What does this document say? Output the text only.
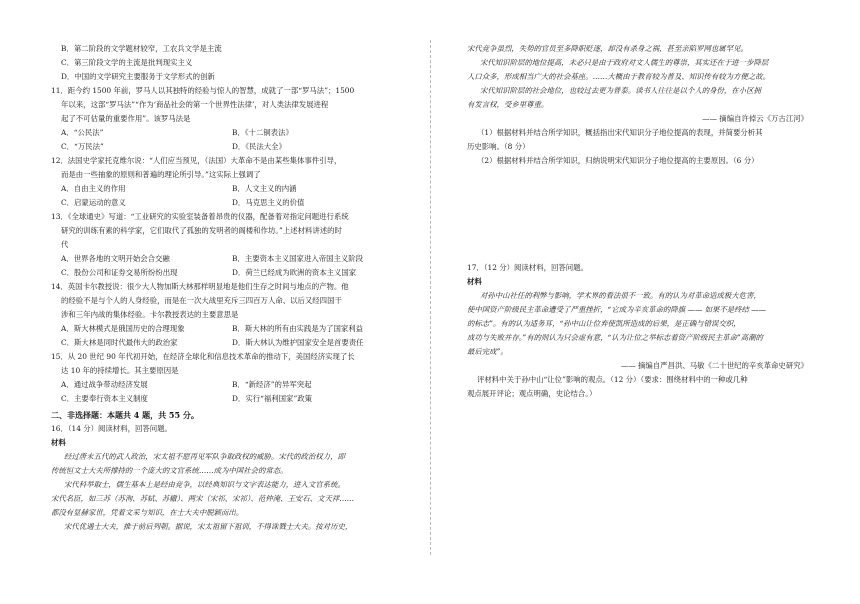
B．第二阶段的文学题材较窄，工农兵文学是主流
C．第三阶段文学的主流是批判现实主义
D．中国的文学研究主要服务于文学形式的创新
11．距今约 1500 年前，罗马人以其独特的经验与惊人的智慧，成就了一部“罗马法”；1500
年以来，这部“罗马法”“作为‘商品社会的第一个世界性法律’，对人类法律发展进程
起了不可估量的重要作用”。该罗马法是
A．“公民法”	B．《十二铜表法》
C．“万民法”	D．《民法大全》
12．法国史学家托克维尔说：“人们应当预见，（法国）大革命不是由某些集体事件引导，
而是由一些抽象的原则和普遍的理论所引导。”这实际上强调了
A．自由主义的作用	B．人文主义的内涵
C．启蒙运动的意义	D．马克思主义的价值
13．《全球通史》写道：“工业研究的实验室装备着昂贵的仪器，配备着对指定问题进行系统
研究的训练有素的科学家，它们取代了孤独的发明者的阁楼和作坊。”上述材料讲述的时
代
A．世界各地的文明开始会合交融	B．主要资本主义国家进入帝国主义阶段
C．股份公司和证券交易所纷纷出现	D．荷兰已经成为欧洲的资本主义国家
14．英国卡尔教授说：很少大人物加斯大林那样明显地是他们生存之时间与地点的产物。他
的经验不是与个人的人身经验，而是在一次大战里充斥三四百万人命、以后又经四国干
涉和三年内战的集体经验。卡尔教授表达的主要意思是
A．斯大林模式是俄国历史的合理现象	B．斯大林的所有由实践是为了国家利益
C．斯大林是同时代最伟大的政治家	D．斯大林认为维护国家安全是首要责任
15．从 20 世纪 90 年代初开始，在经济全球化和信息技术革命的推动下，美国经济实现了长
达 10 年的持续增长。其主要原因是
A．通过战争带动经济发展	B．“新经济”的异军突起
C．主要奉行资本主义制度	D．实行“福利国家”政策
二、非选择题：本题共 4 题，共 55 分。
16．（14 分）阅读材料，回答问题。
材料
经过唐末五代的武人政治，宋太祖不愿再见军队争取政权的威胁。宋代的政治权力，即
传统恒文士大夫所撑持的一个庞大的文官系统……成为中国社会的常态。
宋代科举取士，儒生基本上是经由竞争，以经典知识与文字表达能力，进入文官系统。
宋代名臣，如三苏（苏洵、苏轼、苏辙）、两宋（宋祁、宋祁）、范仲淹、王安石、文天祥……
都没有显赫家世，凭着文采与知识，在士大夫中脱颖而出。
宋代优遇士大夫，推于前后列朝。据说，宋太祖留下祖训，不得诛戮士大夫。按对历史，
宋代竞争虽烈，失势的官员至多降职贬逐，却没有杀身之祸，甚至亲陷罗网也属罕见。
宋代知识阶层的地位提高，未必只是由于政府对文人儒生的尊崇，其实还在于进一步降层
人口众多，形成相当广大的社会基座。……大概由于教育较为普及、知识传有较为方便之故。
宋代知识阶层的社会地位，也较过去更为普泰。读书人往往是以个人的身份，在小区拥
有发言权，受乡里尊重。
—— 摘编自许倬云《万古江河》
（1）根据材料并结合所学知识，概括指出宋代知识分子地位提高的表现，并简要分析其
历史影响。（8 分）
（2）根据材料并结合所学知识，归纳说明宋代知识分子地位提高的主要原因。（6 分）
17．（12 分）阅读材料，回答问题。
材料
对孙中山社任的利弊与影响，学术界的看法很不一致。有的认为对革命造成极大危害，
使中国资产阶级民主革命遭受了严重挫折，“它成为辛亥革命的降旗 —— 如果不是终结 ——
的标志”。有的认为适务耳，“孙中山让位弃使凯所造成的后果，是正确与错误交织，
成功与失败并存。”有的则认为只会虚有意，“认为让位之举标志着资产阶级民主革命”高潮的
最后完成”。
—— 摘编自严昌洪、马敏《二十世纪的辛亥革命史研究》
评材料中关于孙中山“让位”影响的观点。（12 分）（要求：围绕材料中的一种或几种
观点展开评论；观点明确，史论结合。）
